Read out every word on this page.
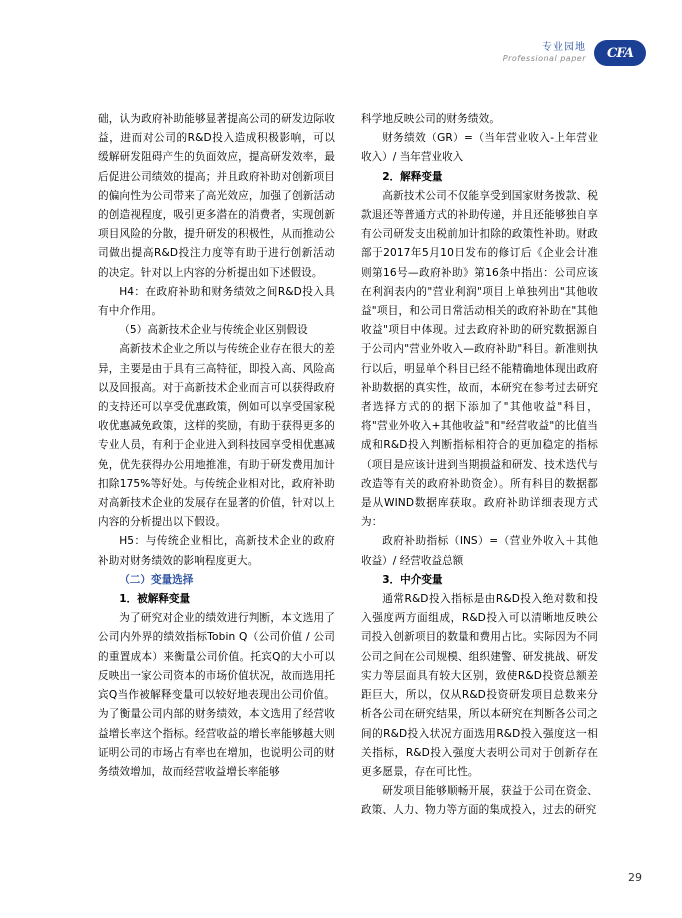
专业园地
Professional paper CFA

础，认为政府补助能够显著提高公司的研发边际收益，进而对公司的R&D投入造成积极影响，可以缓解研发阻碍产生的负面效应，提高研发效率，最后促进公司绩效的提高；并且政府补助对创新项目的偏向性为公司带来了高光效应，加强了创新活动的创造视程度，吸引更多潜在的消费者，实现创新项目风险的分散，提升研发的积极性，从而推动公司做出提高R&D投注力度等有助于进行创新活动的决定。针对以上内容的分析提出如下述假设。

H4：在政府补助和财务绩效之间R&D投入具有中介作用。

（5）高新技术企业与传统企业区别假设

高新技术企业之所以与传统企业存在很大的差异，主要是由于具有三高特征，即投入高、风险高以及回报高。对于高新技术企业而言可以获得政府的支持还可以享受优惠政策，例如可以享受国家税收优惠减免政策，这样的奖励，有助于获得更多的专业人员，有利于企业进入到科技园享受相优惠减免，优先获得办公用地推准，有助于研发费用加计扣除175%等好处。与传统企业相对比，政府补助对高新技术企业的发展存在显著的价值，针对以上内容的分析提出以下假设。

H5：与传统企业相比，高新技术企业的政府补助对财务绩效的影响程度更大。

（二）变量选择

1．被解释变量

为了研究对企业的绩效进行判断，本文选用了公司内外界的绩效指标Tobin Q（公司价值 / 公司的重置成本）来衡量公司价值。托宾Q的大小可以反映出一家公司资本的市场价值状况，故而选用托宾Q当作被解释变量可以较好地表现出公司价值。为了衡量公司内部的财务绩效，本文选用了经营收益增长率这个指标。经营收益的增长率能够越大则证明公司的市场占有率也在增加，也说明公司的财务绩效增加，故而经营收益增长率能够

科学地反映公司的财务绩效。

财务绩效（GR）=（当年营业收入-上年营业收入）/ 当年营业收入

2．解释变量

高新技术公司不仅能享受到国家财务拨款、税款退还等普通方式的补助传递，并且还能够独自享有公司研发支出税前加计扣除的政策性补助。财政部于2017年5月10日发布的修订后《企业会计准则第16号—政府补助》第16条中指出：公司应该在利润表内的"营业利润"项目上单独列出"其他收益"项目，和公司日常活动相关的政府补助在"其他收益"项目中体现。过去政府补助的研究数据源自于公司内"营业外收入—政府补助"科目。新准则执行以后，明显单个科目已经不能精确地体现出政府补助数据的真实性，故而，本研究在参考过去研究者选择方式的的据下添加了"其他收益"科目，将"营业外收入+其他收益"和"经营收益"的比值当成和R&D投入判断指标相符合的更加稳定的指标（项目是应该计进到当期损益和研发、技术迭代与改造等有关的政府补助资金）。所有科目的数据都是从WIND数据库获取。政府补助详细表现方式为：

政府补助指标（INS）=（营业外收入＋其他收益）/ 经营收益总额

3．中介变量

通常R&D投入指标是由R&D投入绝对数和投入强度两方面组成，R&D投入可以清晰地反映公司投入创新项目的数量和费用占比。实际因为不同公司之间在公司规模、组织建警、研发挑战、研发实力等层面具有较大区别，致使R&D投资总额差距巨大，所以，仅从R&D投资研发项目总数来分析各公司在研究结果，所以本研究在判断各公司之间的R&D投入状况方面选用R&D投入强度这一相关指标，R&D投入强度大表明公司对于创新存在更多愿景，存在可比性。

研发项目能够顺畅开展，获益于公司在资金、政策、人力、物力等方面的集成投入，过去的研究

29
